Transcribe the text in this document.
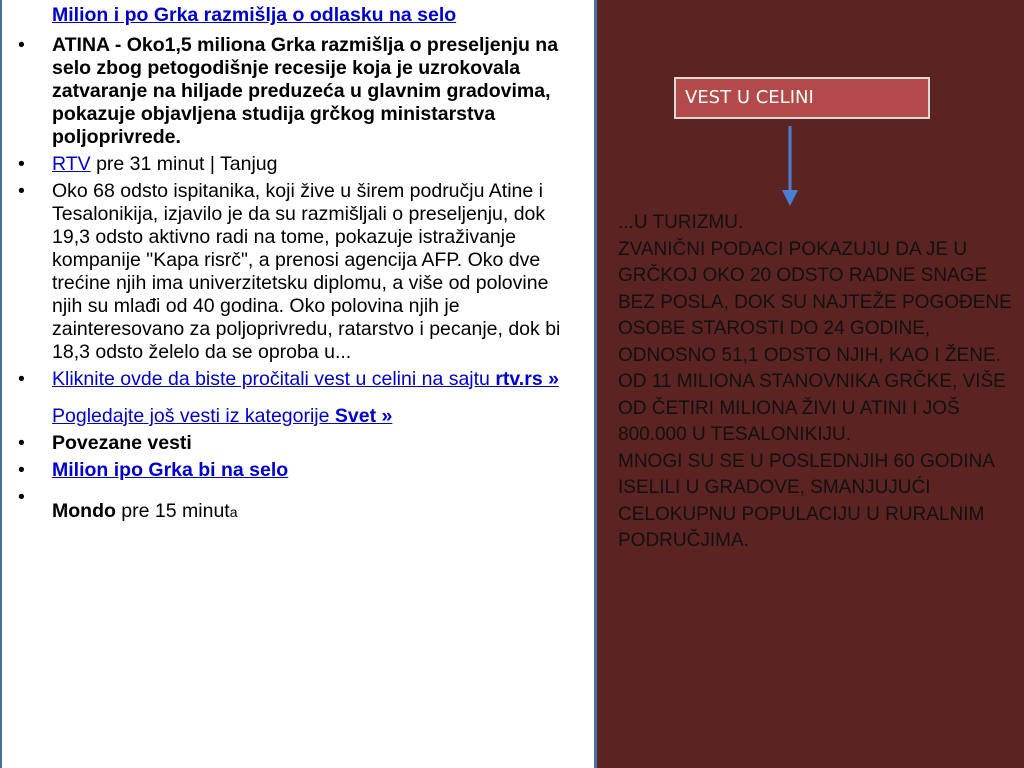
Milion i po Grka razmišlja o odlasku na selo

• ATINA - Oko1,5 miliona Grka razmišlja o preseljenju na selo zbog petogodišnje recesije koja je uzrokovala zatvaranje na hiljade preduzeća u glavnim gradovima, pokazuje objavljena studija grčkog ministarstva poljoprivrede.
• RTV pre 31 minut | Tanjug
• Oko 68 odsto ispitanika, koji žive u širem području Atine i Tesalonikija, izjavilo je da su razmišljali o preseljenju, dok 19,3 odsto aktivno radi na tome, pokazuje istraživanje kompanije "Kapa risrč", a prenosi agencija AFP. Oko dve trećine njih ima univerzitetsku diplomu, a više od polovine njih su mlađi od 40 godina. Oko polovina njih je zainteresovano za poljoprivredu, ratarstvo i pecanje, dok bi 18,3 odsto želelo da se oproba u...
• Kliknite ovde da biste pročitali vest u celini na sajtu rtv.rs »
Pogledajte još vesti iz kategorije Svet »
• Povezane vesti
• Milion ipo Grka bi na selo
•
Mondo pre 15 minuta
VEST U CELINI
...U TURIZMU.
ZVANIČNI PODACI POKAZUJU DA JE U GRČKOJ OKO 20 ODSTO RADNE SNAGE BEZ POSLA, DOK SU NAJTEŽE POGOĐENE OSOBE STAROSTI DO 24 GODINE, ODNOSNO 51,1 ODSTO NJIH, KAO I ŽENE.
OD 11 MILIONA STANOVNIKA GRČKE, VIŠE OD ČETIRI MILIONA ŽIVI U ATINI I JOŠ 800.000 U TESALONIKIJU.
MNOGI SU SE U POSLEDNJIH 60 GODINA ISELILI U GRADOVE, SMANJUJUĆI CELOKUPNU POPULACIJU U RURALNIM PODRUČJIMA.
